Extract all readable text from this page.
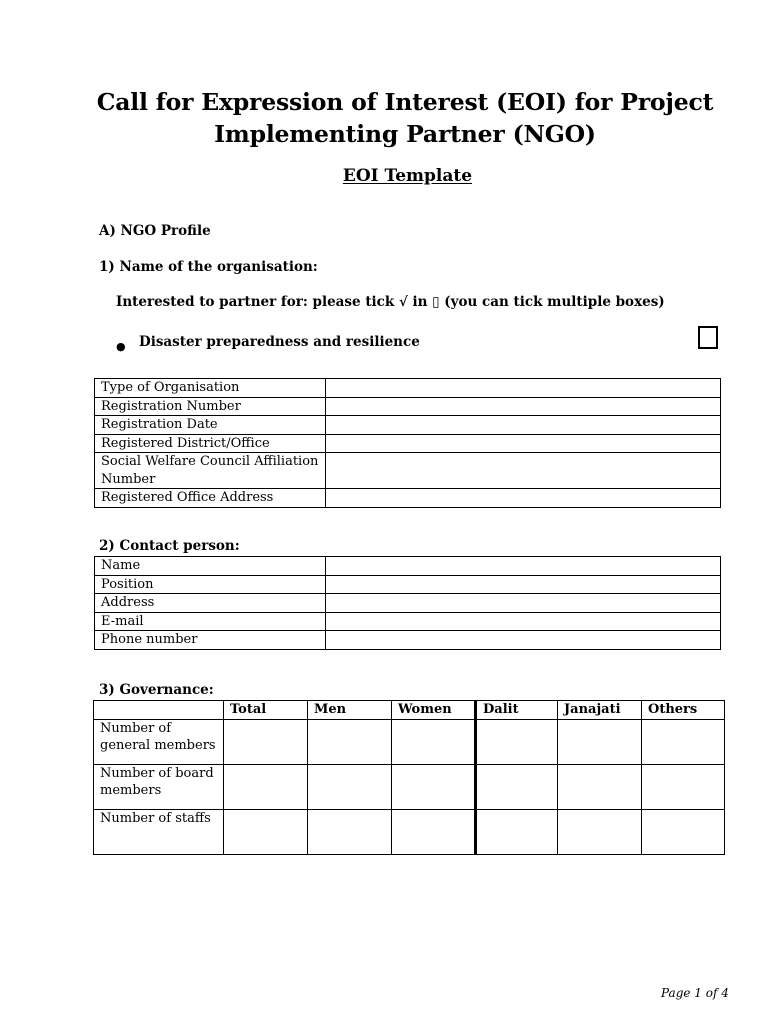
Call for Expression of Interest (EOI) for Project
Implementing Partner (NGO)
EOI Template
A) NGO Profile
1) Name of the organisation:
Interested to partner for: please tick √ in ▯ (you can tick multiple boxes)
● Disaster preparedness and resilience
Type of Organisation	
Registration Number	
Registration Date	
Registered District/Office	
Social Welfare Council Affiliation Number	
Registered Office Address	
2) Contact person:
Name	
Position	
Address	
E-mail	
Phone number	
3) Governance:
	Total	Men	Women	Dalit	Janajati	Others
Number of general members						
Number of board members						
Number of staffs						
Page 1 of 4
